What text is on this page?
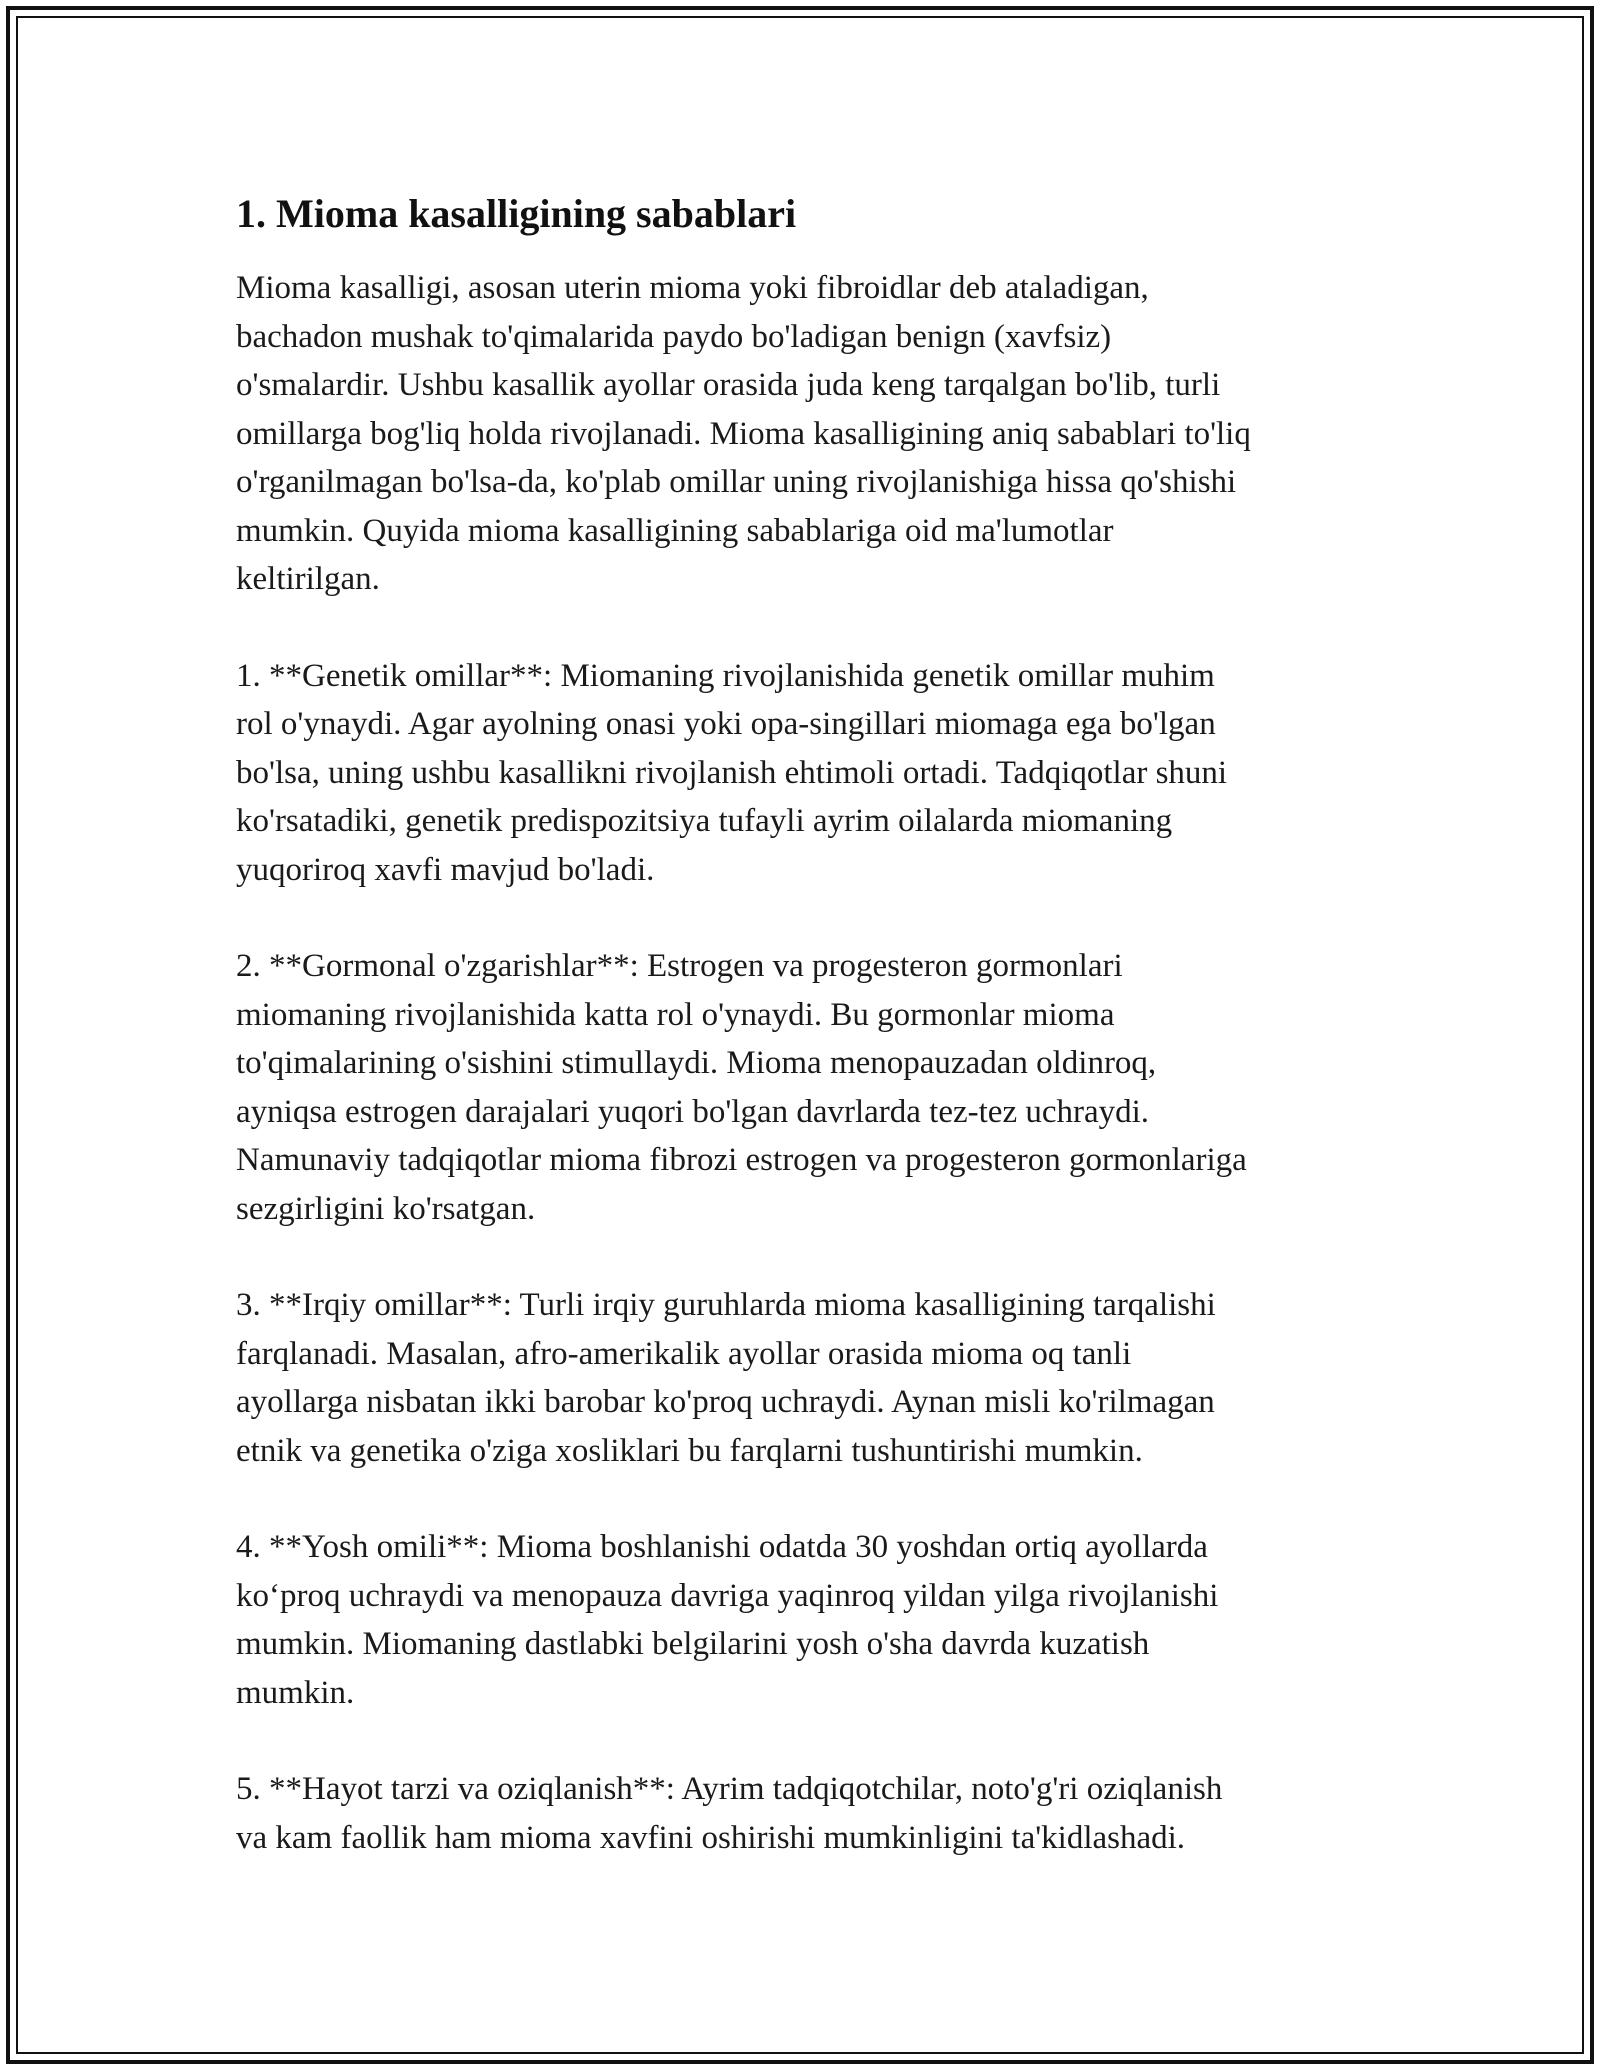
1. Mioma kasalligining sabablari

Mioma kasalligi, asosan uterin mioma yoki fibroidlar deb ataladigan,
bachadon mushak to'qimalarida paydo bo'ladigan benign (xavfsiz)
o'smalardir. Ushbu kasallik ayollar orasida juda keng tarqalgan bo'lib, turli
omillarga bog'liq holda rivojlanadi. Mioma kasalligining aniq sabablari to'liq
o'rganilmagan bo'lsa-da, ko'plab omillar uning rivojlanishiga hissa qo'shishi
mumkin. Quyida mioma kasalligining sabablariga oid ma'lumotlar
keltirilgan.

1. **Genetik omillar**: Miomaning rivojlanishida genetik omillar muhim
rol o'ynaydi. Agar ayolning onasi yoki opa-singillari miomaga ega bo'lgan
bo'lsa, uning ushbu kasallikni rivojlanish ehtimoli ortadi. Tadqiqotlar shuni
ko'rsatadiki, genetik predispozitsiya tufayli ayrim oilalarda miomaning
yuqoriroq xavfi mavjud bo'ladi.

2. **Gormonal o'zgarishlar**: Estrogen va progesteron gormonlari
miomaning rivojlanishida katta rol o'ynaydi. Bu gormonlar mioma
to'qimalarining o'sishini stimullaydi. Mioma menopauzadan oldinroq,
ayniqsa estrogen darajalari yuqori bo'lgan davrlarda tez-tez uchraydi.
Namunaviy tadqiqotlar mioma fibrozi estrogen va progesteron gormonlariga
sezgirligini ko'rsatgan.

3. **Irqiy omillar**: Turli irqiy guruhlarda mioma kasalligining tarqalishi
farqlanadi. Masalan, afro-amerikalik ayollar orasida mioma oq tanli
ayollarga nisbatan ikki barobar ko'proq uchraydi. Aynan misli ko'rilmagan
etnik va genetika o'ziga xosliklari bu farqlarni tushuntirishi mumkin.

4. **Yosh omili**: Mioma boshlanishi odatda 30 yoshdan ortiq ayollarda
ko‘proq uchraydi va menopauza davriga yaqinroq yildan yilga rivojlanishi
mumkin. Miomaning dastlabki belgilarini yosh o'sha davrda kuzatish
mumkin.

5. **Hayot tarzi va oziqlanish**: Ayrim tadqiqotchilar, noto'g'ri oziqlanish
va kam faollik ham mioma xavfini oshirishi mumkinligini ta'kidlashadi.
